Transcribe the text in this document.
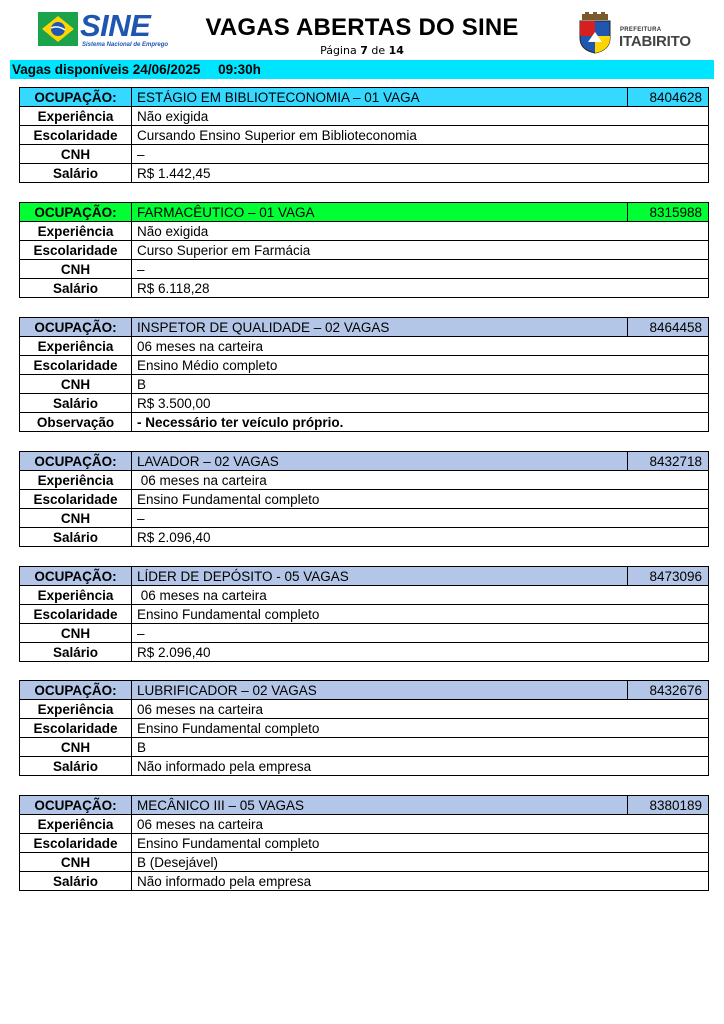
SINE
Sistema Nacional de Emprego
VAGAS ABERTAS DO SINE
Página 7 de 14
PREFEITURA
ITABIRITO
Vagas disponíveis 24/06/2025 09:30h
OCUPAÇÃO:	ESTÁGIO EM BIBLIOTECONOMIA – 01 VAGA	8404628
Experiência	Não exigida	
Escolaridade	Cursando Ensino Superior em Biblioteconomia	
CNH	–	
Salário	R$ 1.442,45	
OCUPAÇÃO:	FARMACÊUTICO – 01 VAGA	8315988
Experiência	Não exigida	
Escolaridade	Curso Superior em Farmácia	
CNH	–	
Salário	R$ 6.118,28	
OCUPAÇÃO:	INSPETOR DE QUALIDADE – 02 VAGAS	8464458
Experiência	06 meses na carteira	
Escolaridade	Ensino Médio completo	
CNH	B	
Salário	R$ 3.500,00	
Observação	- Necessário ter veículo próprio.	
OCUPAÇÃO:	LAVADOR – 02 VAGAS	8432718
Experiência	06 meses na carteira	
Escolaridade	Ensino Fundamental completo	
CNH	–	
Salário	R$ 2.096,40	
OCUPAÇÃO:	LÍDER DE DEPÓSITO - 05 VAGAS	8473096
Experiência	06 meses na carteira	
Escolaridade	Ensino Fundamental completo	
CNH	–	
Salário	R$ 2.096,40	
OCUPAÇÃO:	LUBRIFICADOR – 02 VAGAS	8432676
Experiência	06 meses na carteira	
Escolaridade	Ensino Fundamental completo	
CNH	B	
Salário	Não informado pela empresa	
OCUPAÇÃO:	MECÂNICO III – 05 VAGAS	8380189
Experiência	06 meses na carteira	
Escolaridade	Ensino Fundamental completo	
CNH	B (Desejável)	
Salário	Não informado pela empresa	
